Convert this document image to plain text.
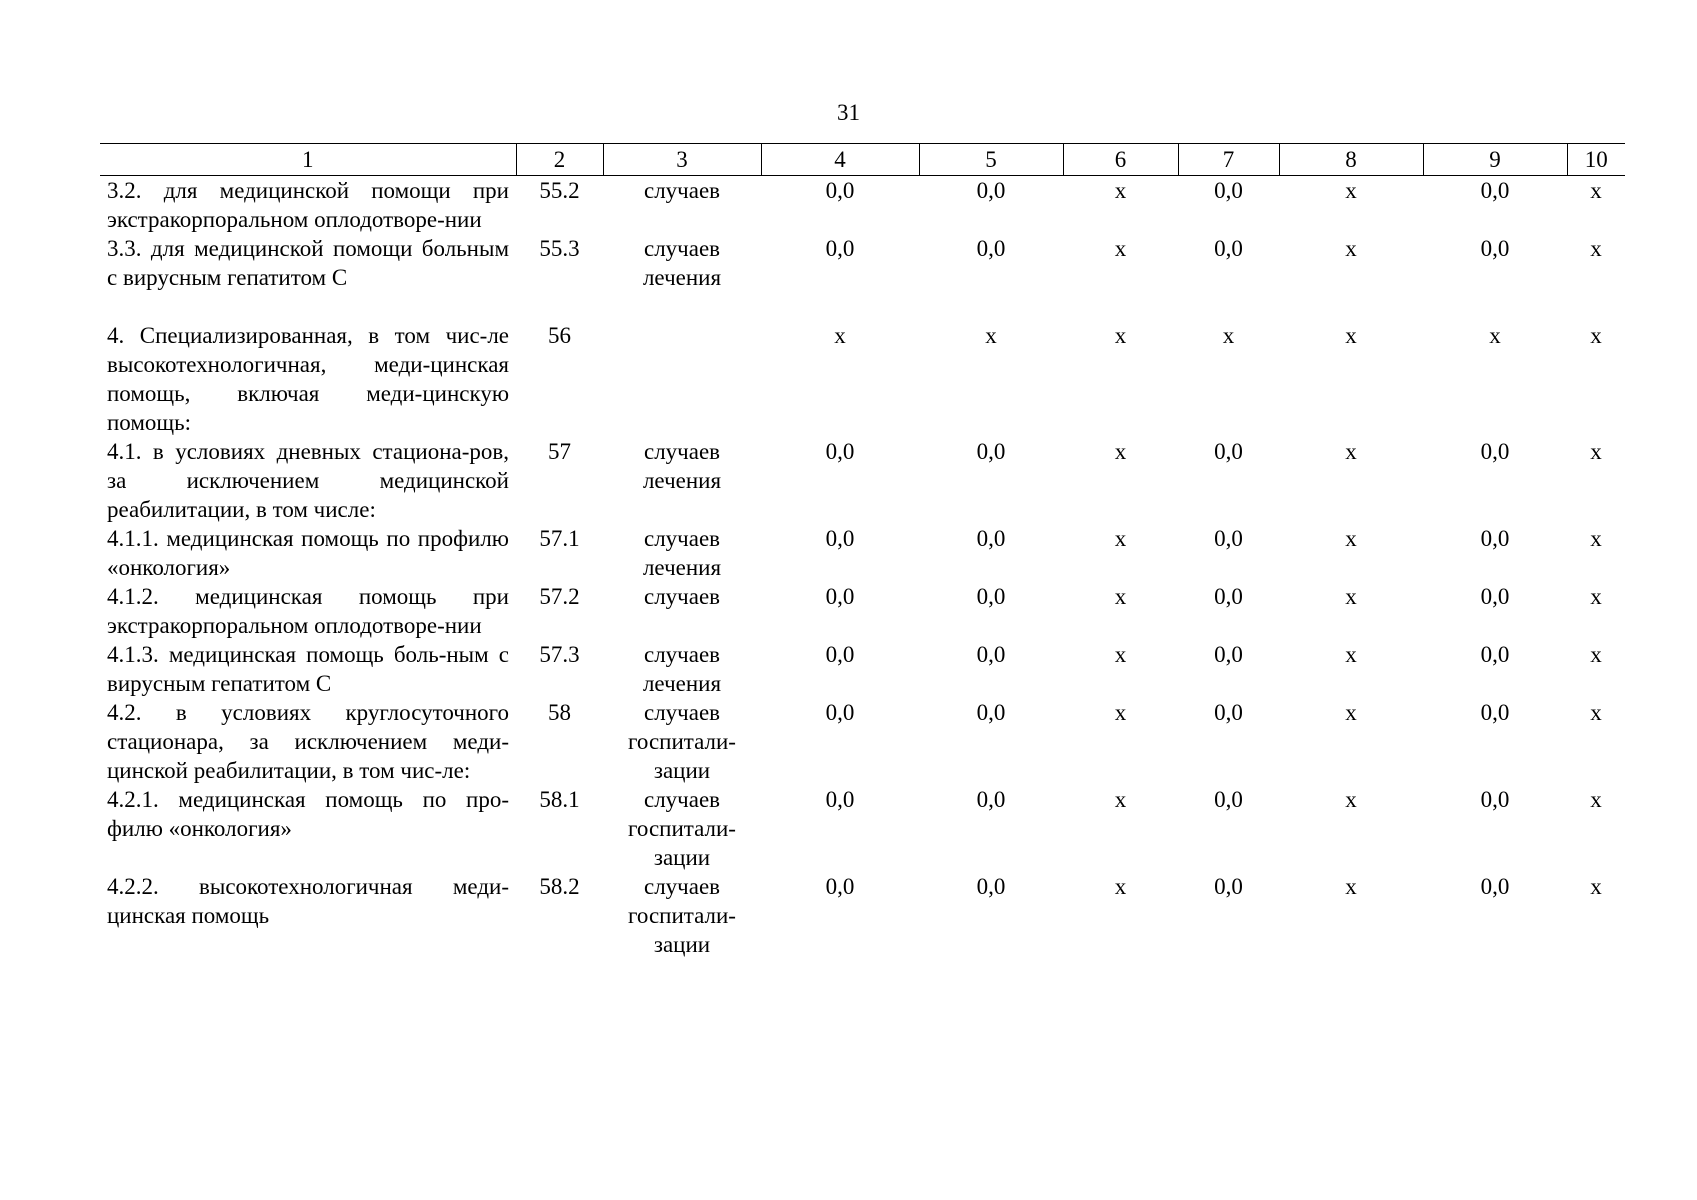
31
1	2	3	4	5	6	7	8	9	10
3.2. для медицинской помощи при экстракорпоральном оплодотворе-нии	55.2	случаев	0,0	0,0	х	0,0	х	0,0	х
3.3. для медицинской помощи больным с вирусным гепатитом С	55.3	случаев лечения	0,0	0,0	х	0,0	х	0,0	х
4. Специализированная, в том чис-ле высокотехнологичная, меди-цинская помощь, включая меди-цинскую помощь:	56		х	х	х	х	х	х	х
4.1. в условиях дневных стациона-ров, за исключением медицинской реабилитации, в том числе:	57	случаев лечения	0,0	0,0	х	0,0	х	0,0	х
4.1.1. медицинская помощь по профилю «онкология»	57.1	случаев лечения	0,0	0,0	х	0,0	х	0,0	х
4.1.2. медицинская помощь при экстракорпоральном оплодотворе-нии	57.2	случаев	0,0	0,0	х	0,0	х	0,0	х
4.1.3. медицинская помощь боль-ным с вирусным гепатитом С	57.3	случаев лечения	0,0	0,0	х	0,0	х	0,0	х
4.2. в условиях круглосуточного стационара, за исключением меди-цинской реабилитации, в том чис-ле:	58	случаев госпитали-зации	0,0	0,0	х	0,0	х	0,0	х
4.2.1. медицинская помощь по про-филю «онкология»	58.1	случаев госпитали-зации	0,0	0,0	х	0,0	х	0,0	х
4.2.2. высокотехнологичная меди-цинская помощь	58.2	случаев госпитали-зации	0,0	0,0	х	0,0	х	0,0	х
